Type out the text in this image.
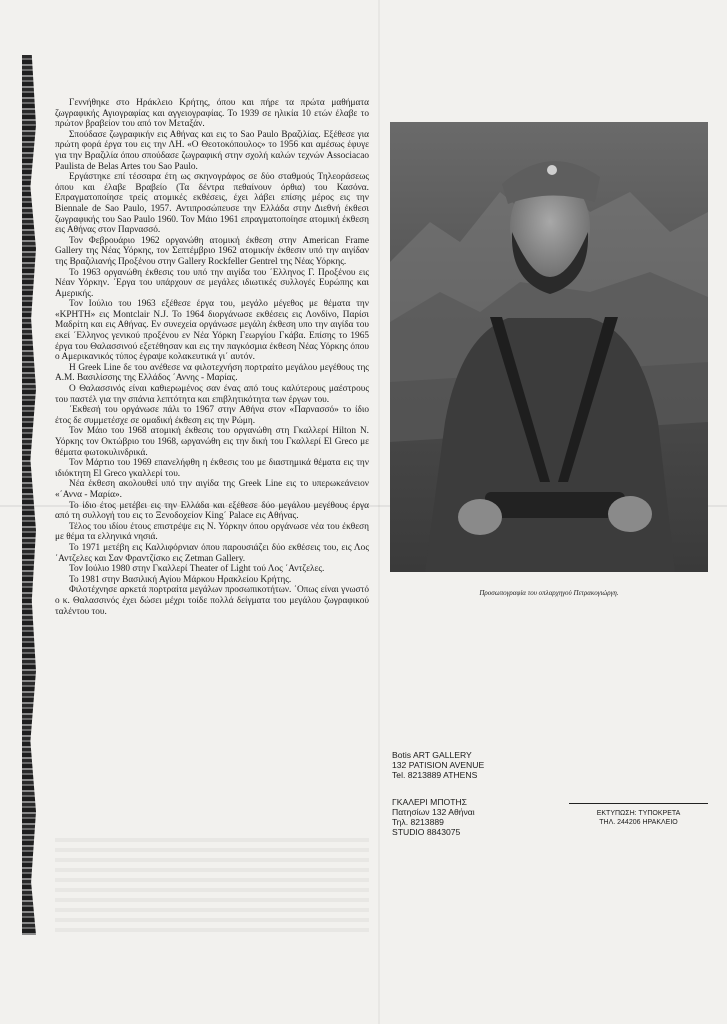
Γεννήθηκε στο Ηράκλειο Κρήτης, όπου και πήρε τα πρώτα μαθήματα ζωγραφικής Αγιογραφίας και αγγειογραφίας. Το 1939 σε ηλικία 10 ετών έλαβε το πρώτον βραβείον του από τον Μεταξάν.

Σπούδασε ζωγραφικήν εις Αθήνας και εις το Sao Paulo Βραζιλίας. Εξέθεσε για πρώτη φορά έργα του εις την ΛΗ. «Ο Θεοτοκόπουλος» το 1956 και αμέσως έφυγε για την Βραζιλία όπου σπούδασε ζωγραφική στην σχολή καλών τεχνών Associacao Paulista de Belas Artes του Sao Paulo.

Εργάστηκε επί τέσσαρα έτη ως σκηνογράφος σε δύο σταθμούς Τηλεοράσεως όπου και έλαβε Βραβείο (Τα δέντρα πεθαίνουν όρθια) του Κασόνα. Επραγματοποίησε τρείς ατομικές εκθέσεις, έχει λάβει επίσης μέρος εις την Biennale de Sao Paulo, 1957. Αντιπροσώπευσε την Ελλάδα στην Διεθνή έκθεσι ζωγραφικής του Sao Paulo 1960. Τον Μάιο 1961 επραγματοποίησε ατομική έκθεση εις Αθήνας στον Παρνασσό.

Τον Φεβρουάριο 1962 οργανώθη ατομική έκθεση στην American Frame Gallery της Νέας Υόρκης, τον Σεπτέμβριο 1962 ατομικήν έκθεσιν υπό την αιγίδαν της Βραζιλιανής Προξένου στην Gallery Rockfeller Gentrel της Νέας Υόρκης.

Το 1963 οργανώθη έκθεσις του υπό την αιγίδα του ΄Ελληνος Γ. Προξένου εις Νέαν Υόρκην. ΄Εργα του υπάρχουν σε μεγάλες ιδιωτικές συλλογές Ευρώπης και Αμερικής.

Τον Ιούλιο του 1963 εξέθεσε έργα του, μεγάλο μέγεθος με θέματα την «ΚΡΗΤΗ» εις Montclair N.J. Το 1964 διοργάνωσε εκθέσεις εις Λονδίνο, Παρίσι Μαδρίτη και εις Αθήνας. Εν συνεχεία οργάνωσε μεγάλη έκθεση υπο την αιγίδα του εκεί ΄Ελληνος γενικού προξένου εν Νέα Υόρκη Γεωργίου Γκάβα. Επίσης το 1965 έργα του Θαλασσινού εξετέθησαν και εις την παγκόσμια έκθεση Νέας Υόρκης όπου ο Αμερικανικός τύπος έγραψε κολακευτικά γι΄ αυτόν.

Η Greek Line δε του ανέθεσε να φιλοτεχνήση πορτραίτο μεγάλου μεγέθους της Α.Μ. Βασιλίσσης της Ελλάδος ΄Αννης - Μαρίας.

Ο Θαλασσινός είναι καθιερωμένος σαν ένας από τους καλύτερους μαέστρους του παστέλ για την σπάνια λεπτότητα και επιβλητικότητα των έργων του.

΄Εκθεσή του οργάνωσε πάλι το 1967 στην Αθήνα στον «Παρνασσό» το ίδιο έτος δε συμμετέσχε σε ομαδική έκθεση εις την Ρώμη.

Τον Μάιο του 1968 ατομική έκθεσις του οργανώθη στη Γκαλλερί Hilton Ν. Υόρκης τον Οκτώβριο του 1968, ωργανώθη εις την δική του Γκαλλερί El Greco με θέματα φωτοκυλινδρικά.

Τον Μάρτιο του 1969 επανελήφθη η έκθεσις του με διαστημικά θέματα εις την ιδιόκτητη El Greco γκαλλερί του.

Νέα έκθεση ακολουθεί υπό την αιγίδα της Greek Line εις το υπερωκεάνειον «΄Αννα - Μαρία».

Το ίδιο έτος μετέβει εις την Ελλάδα και εξέθεσε δύο μεγάλου μεγέθους έργα από τη συλλογή του εις το Ξενοδοχείον King΄ Palace εις Αθήνας.

Τέλος του ιδίου έτους επιστρέψε εις Ν. Υόρκην όπου οργάνωσε νέα του έκθεση με θέμα τα ελληνικά νησιά.

Το 1971 μετέβη εις Καλλιφόρνιαν όπου παρουσιάζει δύο εκθέσεις του, εις Λος ΄Αντζελες και Σαν Φραντζίσκο εις Zetman Gallery.

Τον Ιούλιο 1980 στην Γκαλλερί Theater of Light τού Λος ΄Αντζελες.

Το 1981 στην Βασιλική Αγίου Μάρκου Ηρακλείου Κρήτης.

Φιλοτέχνησε αρκετά πορτραίτα μεγάλων προσωπικοτήτων. ΄Οπως είναι γνωστό ο κ. Θαλασσινός έχει δώσει μέχρι τοίδε πολλά δείγματα του μεγάλου ζωγραφικού ταλέντου του.

Προσωπογραφία του οπλαρχηγού Πετρακογιώργη.
Botis ART GALLERY
132 PATISION AVENUE
Tel. 8213889 ATHENS
ΓΚΑΛΕΡΙ ΜΠΟΤΗΣ
Πατησίων 132 Αθήναι
Τηλ. 8213889
STUDIO 8843075
ΕΚΤΥΠΩΣΗ: ΤΥΠΟΚΡΕΤΑ
ΤΗΛ. 244206 ΗΡΑΚΛΕΙΟ
